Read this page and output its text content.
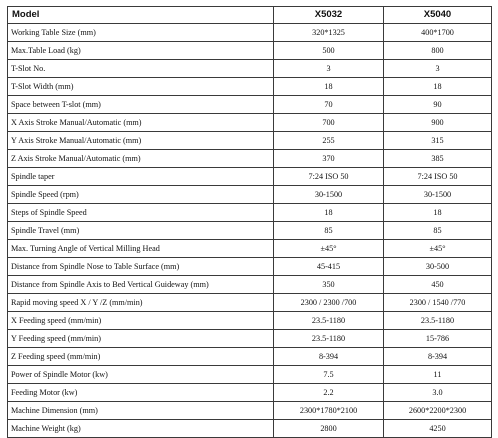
Model	X5032	X5040
Working Table Size (mm)	320*1325	400*1700
Max.Table Load (kg)	500	800
T-Slot No.	3	3
T-Slot Width (mm)	18	18
Space between T-slot (mm)	70	90
X Axis Stroke Manual/Automatic (mm)	700	900
Y Axis Stroke Manual/Automatic (mm)	255	315
Z Axis Stroke Manual/Automatic (mm)	370	385
Spindle taper	7:24 ISO 50	7:24 ISO 50
Spindle Speed (rpm)	30-1500	30-1500
Steps of Spindle Speed	18	18
Spindle Travel (mm)	85	85
Max. Turning Angle of Vertical Milling Head	±45°	±45°
Distance from Spindle Nose to Table Surface (mm)	45-415	30-500
Distance from Spindle Axis to Bed Vertical Guideway (mm)	350	450
Rapid moving speed X / Y /Z (mm/min)	2300 / 2300 /700	2300 / 1540 /770
X Feeding speed (mm/min)	23.5-1180	23.5-1180
Y Feeding speed (mm/min)	23.5-1180	15-786
Z Feeding speed (mm/min)	8-394	8-394
Power of Spindle Motor (kw)	7.5	11
Feeding Motor (kw)	2.2	3.0
Machine Dimension (mm)	2300*1780*2100	2600*2200*2300
Machine Weight (kg)	2800	4250
